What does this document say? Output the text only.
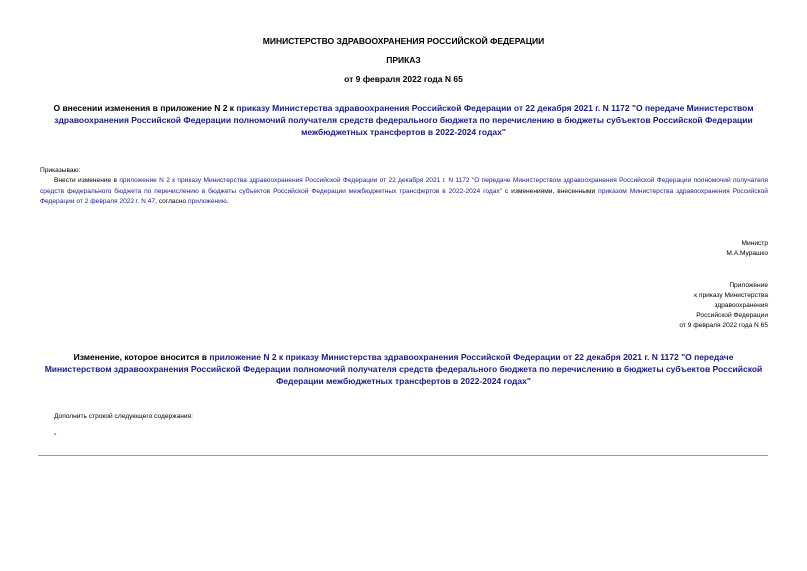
МИНИСТЕРСТВО ЗДРАВООХРАНЕНИЯ РОССИЙСКОЙ ФЕДЕРАЦИИ
ПРИКАЗ
от 9 февраля 2022 года N 65
О внесении изменения в приложение N 2 к приказу Министерства здравоохранения Российской Федерации от 22 декабря 2021 г. N 1172 "О передаче Министерством здравоохранения Российской Федерации полномочий получателя средств федерального бюджета по перечислению в бюджеты субъектов Российской Федерации межбюджетных трансфертов в 2022-2024 годах"
Приказываю:
Внести изменение в приложение N 2 к приказу Министерства здравоохранения Российской Федерации от 22 декабря 2021 г. N 1172 "О передаче Министерством здравоохранения Российской Федерации полномочий получателя средств федерального бюджета по перечислению в бюджеты субъектов Российской Федерации межбюджетных трансфертов в 2022-2024 годах" с изменениями, внесенными приказом Министерства здравоохранения Российской Федерации от 2 февраля 2022 г. N 47, согласно приложению.
Министр
М.А.Мурашко
Приложение
к приказу Министерства
здравоохранения
Российской Федерации
от 9 февраля 2022 года N 65
Изменение, которое вносится в приложение N 2 к приказу Министерства здравоохранения Российской Федерации от 22 декабря 2021 г. N 1172 "О передаче Министерством здравоохранения Российской Федерации полномочий получателя средств федерального бюджета по перечислению в бюджеты субъектов Российской Федерации межбюджетных трансфертов в 2022-2024 годах"
Дополнить строкой следующего содержания:
"
